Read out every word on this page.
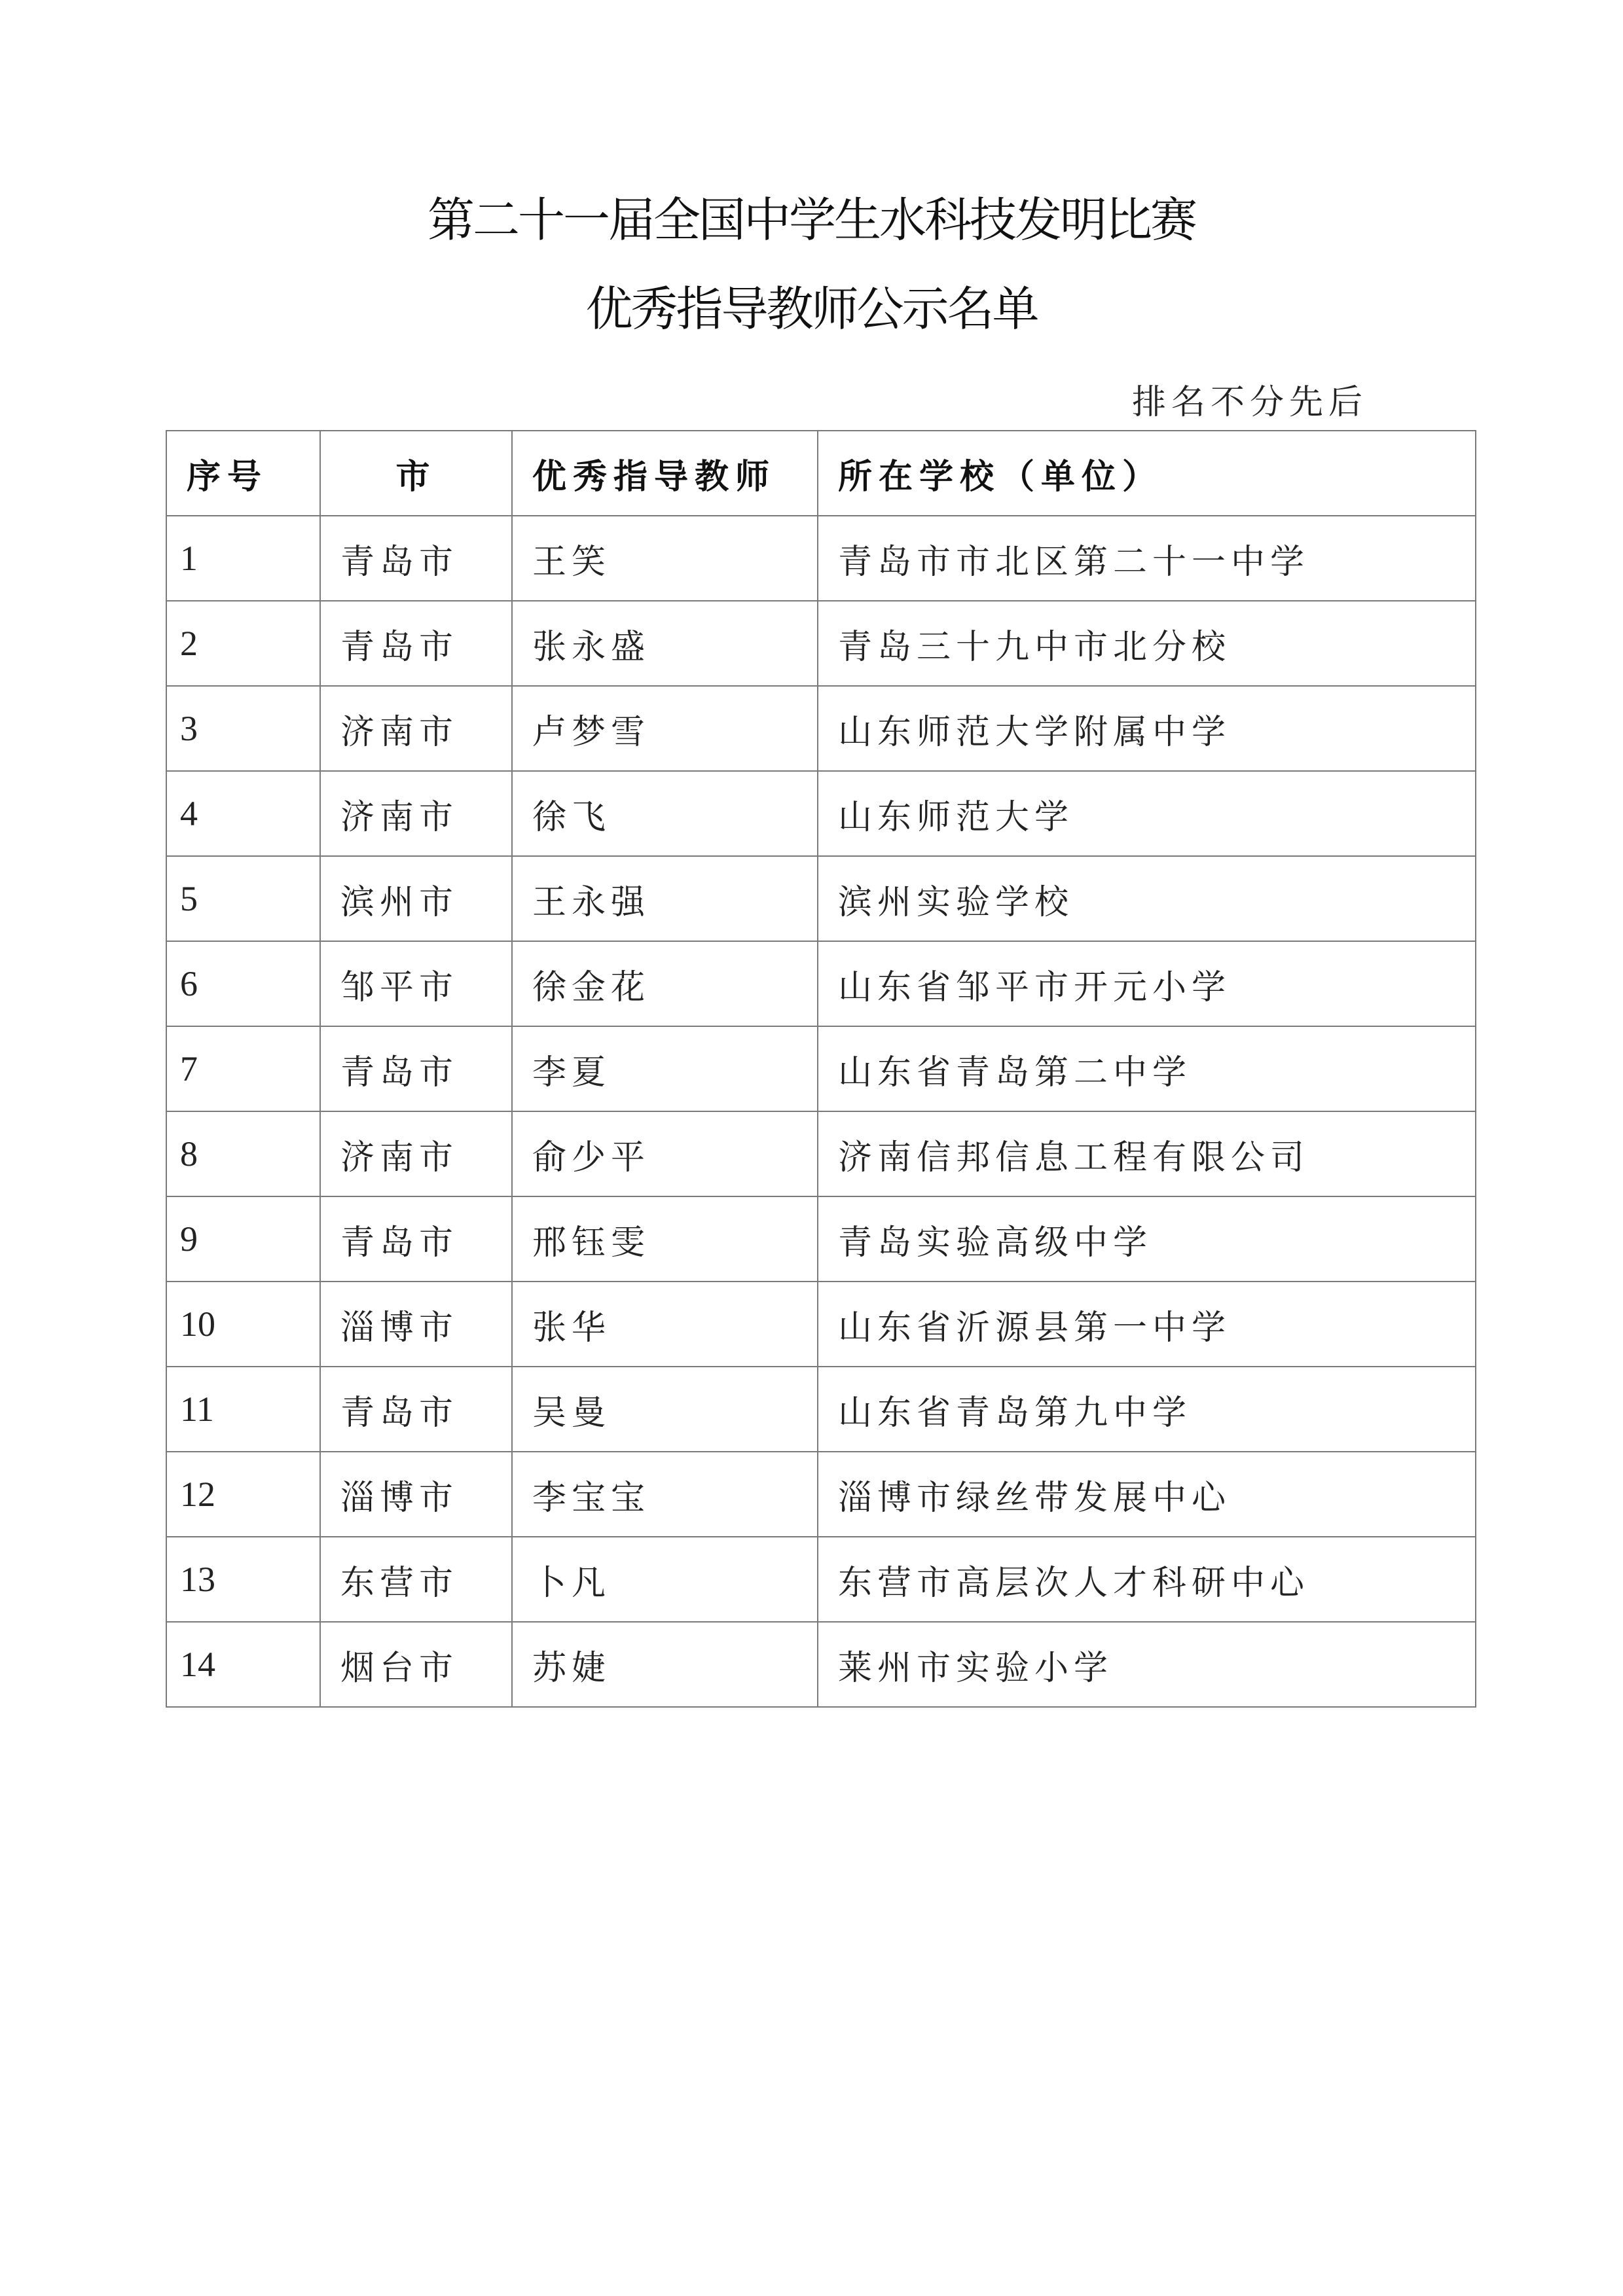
第二十一届全国中学生水科技发明比赛
优秀指导教师公示名单
排名不分先后
序号	市	优秀指导教师	所在学校（单位）
1	青岛市	王笑	青岛市市北区第二十一中学
2	青岛市	张永盛	青岛三十九中市北分校
3	济南市	卢梦雪	山东师范大学附属中学
4	济南市	徐飞	山东师范大学
5	滨州市	王永强	滨州实验学校
6	邹平市	徐金花	山东省邹平市开元小学
7	青岛市	李夏	山东省青岛第二中学
8	济南市	俞少平	济南信邦信息工程有限公司
9	青岛市	邢钰雯	青岛实验高级中学
10	淄博市	张华	山东省沂源县第一中学
11	青岛市	吴曼	山东省青岛第九中学
12	淄博市	李宝宝	淄博市绿丝带发展中心
13	东营市	卜凡	东营市高层次人才科研中心
14	烟台市	苏婕	莱州市实验小学
